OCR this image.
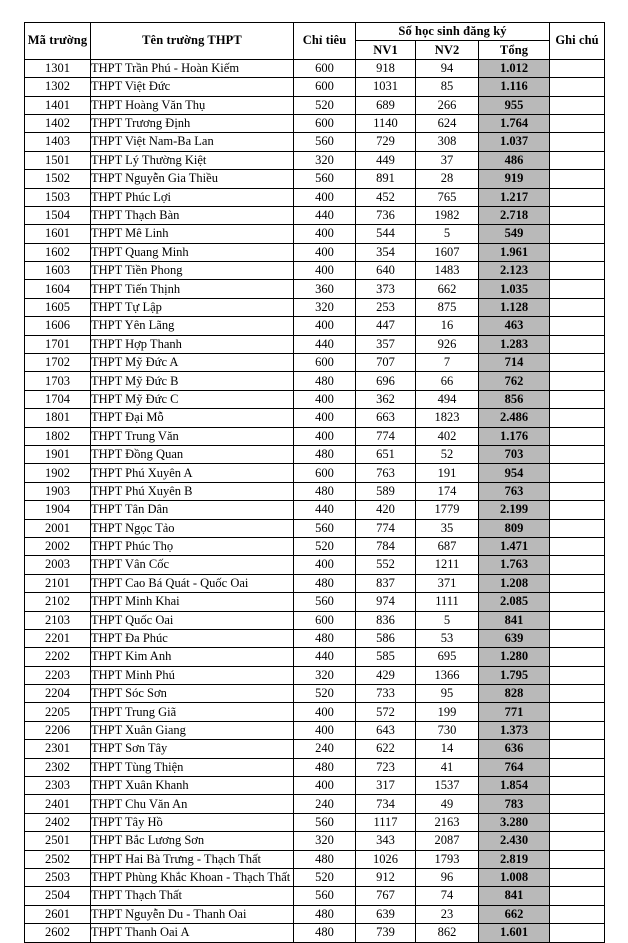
Mã trường	Tên trường THPT	Chỉ tiêu	Số học sinh đăng ký			Ghi chú
			NV1	NV2	Tổng	
1301	THPT Trần Phú - Hoàn Kiếm	600	918	94	1.012	
1302	THPT Việt Đức	600	1031	85	1.116	
1401	THPT Hoàng Văn Thụ	520	689	266	955	
1402	THPT Trương Định	600	1140	624	1.764	
1403	THPT Việt Nam-Ba Lan	560	729	308	1.037	
1501	THPT Lý Thường Kiệt	320	449	37	486	
1502	THPT Nguyễn Gia Thiều	560	891	28	919	
1503	THPT Phúc Lợi	400	452	765	1.217	
1504	THPT Thạch Bàn	440	736	1982	2.718	
1601	THPT Mê Linh	400	544	5	549	
1602	THPT Quang Minh	400	354	1607	1.961	
1603	THPT Tiền Phong	400	640	1483	2.123	
1604	THPT Tiến Thịnh	360	373	662	1.035	
1605	THPT Tự Lập	320	253	875	1.128	
1606	THPT Yên Lãng	400	447	16	463	
1701	THPT Hợp Thanh	440	357	926	1.283	
1702	THPT Mỹ Đức A	600	707	7	714	
1703	THPT Mỹ Đức B	480	696	66	762	
1704	THPT Mỹ Đức C	400	362	494	856	
1801	THPT Đại Mỗ	400	663	1823	2.486	
1802	THPT Trung Văn	400	774	402	1.176	
1901	THPT Đồng Quan	480	651	52	703	
1902	THPT Phú Xuyên A	600	763	191	954	
1903	THPT Phú Xuyên B	480	589	174	763	
1904	THPT Tân Dân	440	420	1779	2.199	
2001	THPT Ngọc Tảo	560	774	35	809	
2002	THPT Phúc Thọ	520	784	687	1.471	
2003	THPT Vân Cốc	400	552	1211	1.763	
2101	THPT Cao Bá Quát - Quốc Oai	480	837	371	1.208	
2102	THPT Minh Khai	560	974	1111	2.085	
2103	THPT Quốc Oai	600	836	5	841	
2201	THPT Đa Phúc	480	586	53	639	
2202	THPT Kim Anh	440	585	695	1.280	
2203	THPT Minh Phú	320	429	1366	1.795	
2204	THPT Sóc Sơn	520	733	95	828	
2205	THPT Trung Giã	400	572	199	771	
2206	THPT Xuân Giang	400	643	730	1.373	
2301	THPT Sơn Tây	240	622	14	636	
2302	THPT Tùng Thiện	480	723	41	764	
2303	THPT Xuân Khanh	400	317	1537	1.854	
2401	THPT Chu Văn An	240	734	49	783	
2402	THPT Tây Hồ	560	1117	2163	3.280	
2501	THPT Bắc Lương Sơn	320	343	2087	2.430	
2502	THPT Hai Bà Trưng - Thạch Thất	480	1026	1793	2.819	
2503	THPT Phùng Khắc Khoan - Thạch Thất	520	912	96	1.008	
2504	THPT Thạch Thất	560	767	74	841	
2601	THPT Nguyễn Du - Thanh Oai	480	639	23	662	
2602	THPT Thanh Oai A	480	739	862	1.601	
